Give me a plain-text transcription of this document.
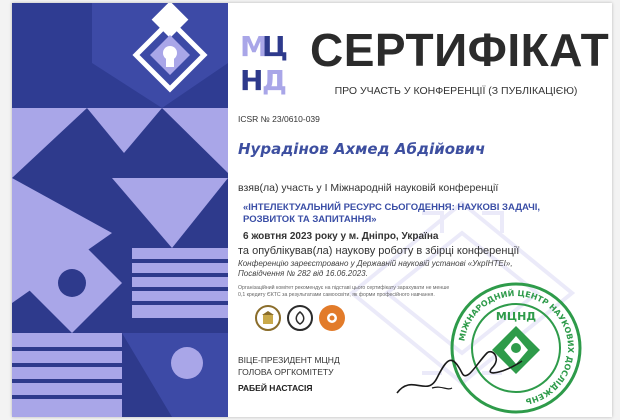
М
Ц
Н
Д
СЕРТИФІКАТ
ПРО УЧАСТЬ У КОНФЕРЕНЦІЇ (З ПУБЛІКАЦІЄЮ)
ICSR № 23/0610-039
Нурадінов Ахмед Абдійович
взяв(ла) участь у I Міжнародній науковій конференції
«ІНТЕЛЕКТУАЛЬНИЙ РЕСУРС СЬОГОДЕННЯ: НАУКОВІ ЗАДАЧІ,
РОЗВИТОК ТА ЗАПИТАННЯ»
6 жовтня 2023 року у м. Дніпро, Україна
та опублікував(ла) наукову роботу в збірці конференції
Конференцію зареєстровано у Державній науковій установі «УкрІНТЕІ»,
Посвідчення № 282 від 16.06.2023.
Організаційний комітет рекомендує на підставі цього сертифікату зарахувати не менше
0,1 кредиту ЄКТС за результатами самоосвіти, як форми професійного навчання.
ВІЦЕ-ПРЕЗИДЕНТ МЦНД
ГОЛОВА ОРГКОМІТЕТУ
РАБЕЙ НАСТАСІЯ
МІЖНАРОДНИЙ ЦЕНТР НАУКОВИХ ДОСЛІДЖЕНЬ
МЦНД
